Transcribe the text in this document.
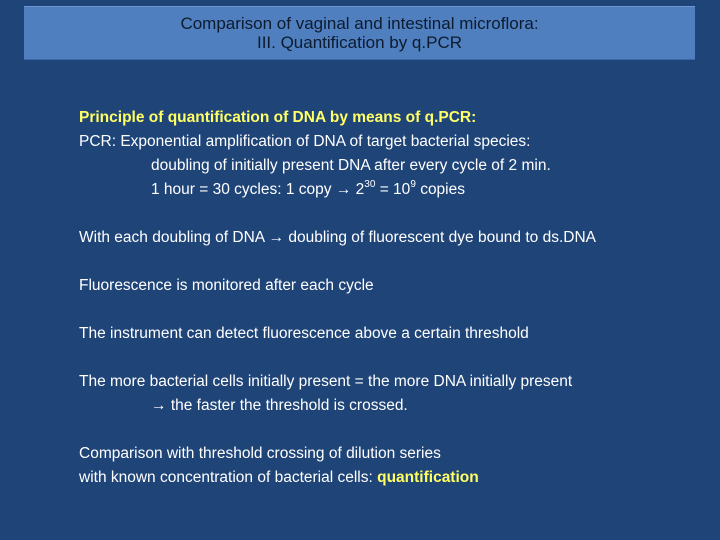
Comparison of vaginal and intestinal microflora:
III. Quantification by q.PCR
Principle of quantification of DNA by means of q.PCR:
PCR: Exponential amplification of DNA of target bacterial species:
doubling of initially present DNA after every cycle of 2 min.
1 hour = 30 cycles: 1 copy → $2^{30} = 10^9$ copies
With each doubling of DNA → doubling of fluorescent dye bound to ds.DNA
Fluorescence is monitored after each cycle
The instrument can detect fluorescence above a certain threshold
The more bacterial cells initially present = the more DNA initially present
→ the faster the threshold is crossed.
Comparison with threshold crossing of dilution series
with known concentration of bacterial cells: quantification
